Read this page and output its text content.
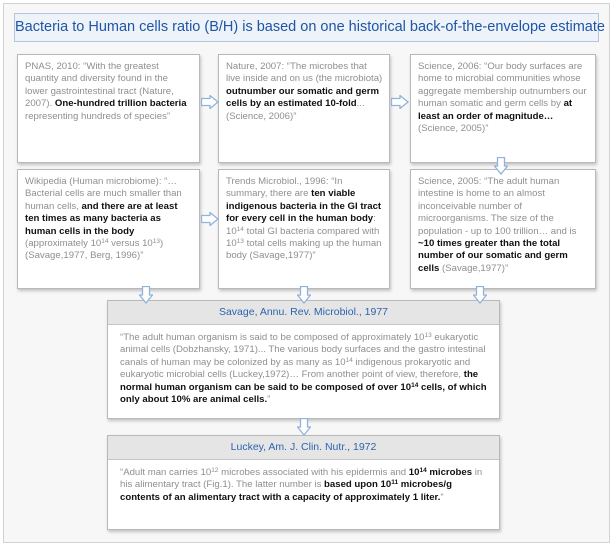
Bacteria to Human cells ratio (B/H) is based on one historical back-of-the-envelope estimate
PNAS, 2010: “With the greatest quantity and diversity found in the lower gastrointestinal tract (Nature, 2007). One-hundred trillion bacteria representing hundreds of species”
Nature, 2007: “The microbes that live inside and on us (the microbiota) outnumber our somatic and germ cells by an estimated 10-fold...(Science, 2006)”
Science, 2006: “Our body surfaces are home to microbial communities whose aggregate membership outnumbers our human somatic and germ cells by at least an order of magnitude… (Science, 2005)”
Wikipedia (Human microbiome): “…Bacterial cells are much smaller than human cells, and there are at least ten times as many bacteria as human cells in the body (approximately $10^{14}$ versus $10^{13}$) (Savage,1977, Berg, 1996)”
Trends Microbiol., 1996: “In summary, there are ten viable indigenous bacteria in the GI tract for every cell in the human body: $10^{14}$ total GI bacteria compared with $10^{13}$ total cells making up the human body (Savage,1977)”
Science, 2005: “The adult human intestine is home to an almost inconceivable number of microorganisms. The size of the population - up to 100 trillion… and is ~10 times greater than the total number of our somatic and germ cells (Savage,1977)”
Savage, Annu. Rev. Microbiol., 1977
“The adult human organism is said to be composed of approximately $10^{13}$ eukaryotic animal cells (Dobzhansky, 1971)... The various body surfaces and the gastro intestinal canals of human may be colonized by as many as $10^{14}$ indigenous prokaryotic and eukaryotic microbial cells (Luckey,1972)… From another point of view, therefore, the normal human organism can be said to be composed of over $10^{14}$ cells, of which only about 10% are animal cells.”
Luckey, Am. J. Clin. Nutr., 1972
“Adult man carries $10^{12}$ microbes associated with his epidermis and $10^{14}$ microbes in his alimentary tract (Fig.1). The latter number is based upon $10^{11}$ microbes/g contents of an alimentary tract with a capacity of approximately 1 liter.”
